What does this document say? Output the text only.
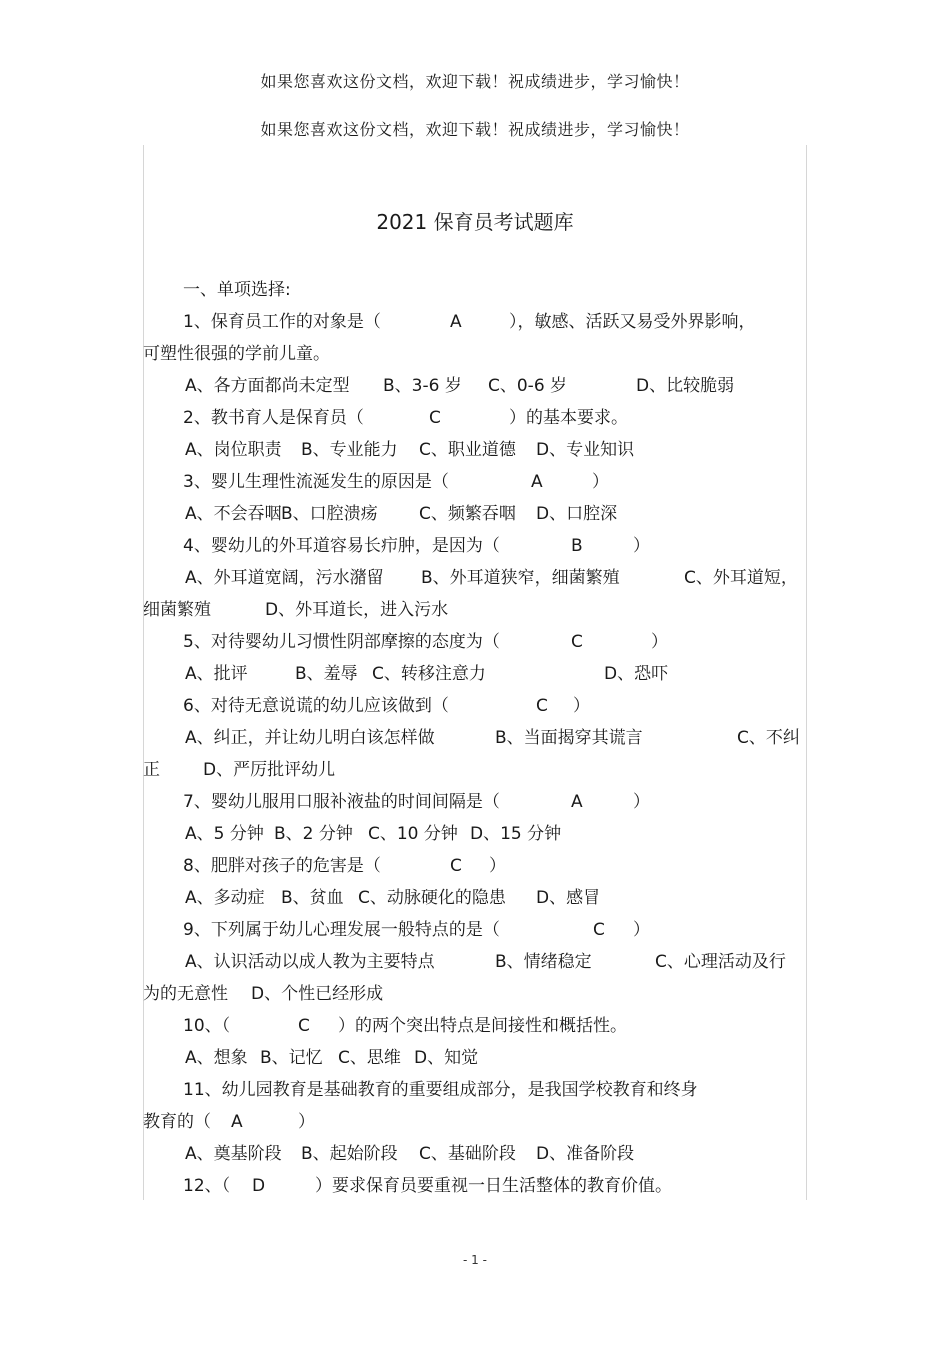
如果您喜欢这份文档，欢迎下载！祝成绩进步，学习愉快！
如果您喜欢这份文档，欢迎下载！祝成绩进步，学习愉快！
2021 保育员考试题库
一、单项选择:
1、保育员工作的对象是（	A	），敏感、活跃又易受外界影响，
可塑性很强的学前儿童。
A、各方面都尚未定型 B、3-6 岁 C、0-6 岁	D、比较脆弱
2、教书育人是保育员（	C	）的基本要求。
A、岗位职责 B、专业能力 C、职业道德 D、专业知识
3、婴儿生理性流涎发生的原因是（	A	）
A、不会吞咽 B、口腔溃疡 C、频繁吞咽 D、口腔深
4、婴幼儿的外耳道容易长疖肿，是因为（	B	）
A、外耳道宽阔，污水潴留 B、外耳道狭窄，细菌繁殖	C、外耳道短，
细菌繁殖	D、外耳道长，进入污水
5、对待婴幼儿习惯性阴部摩擦的态度为（	C	）
A、批评	B、羞辱 C、转移注意力	D、恐吓
6、对待无意说谎的幼儿应该做到（	C ）
A、纠正，并让幼儿明白该怎样做	B、当面揭穿其谎言	C、不纠
正	D、严厉批评幼儿
7、婴幼儿服用口服补液盐的时间间隔是（	A	）
A、5 分钟 B、2 分钟 C、10 分钟 D、15 分钟
8、肥胖对孩子的危害是（	C ）
A、多动症 B、贫血 C、动脉硬化的隐患 D、感冒
9、下列属于幼儿心理发展一般特点的是（	C ）
A、认识活动以成人教为主要特点	B、情绪稳定	C、心理活动及行
为的无意性 D、个性已经形成
10、（	C ）的两个突出特点是间接性和概括性。
A、想象 B、记忆 C、思维 D、知觉
11、幼儿园教育是基础教育的重要组成部分，是我国学校教育和终身
教育的（ A	）
A、奠基阶段 B、起始阶段 C、基础阶段 D、准备阶段
12、（ D	）要求保育员要重视一日生活整体的教育价值。
- 1 -
